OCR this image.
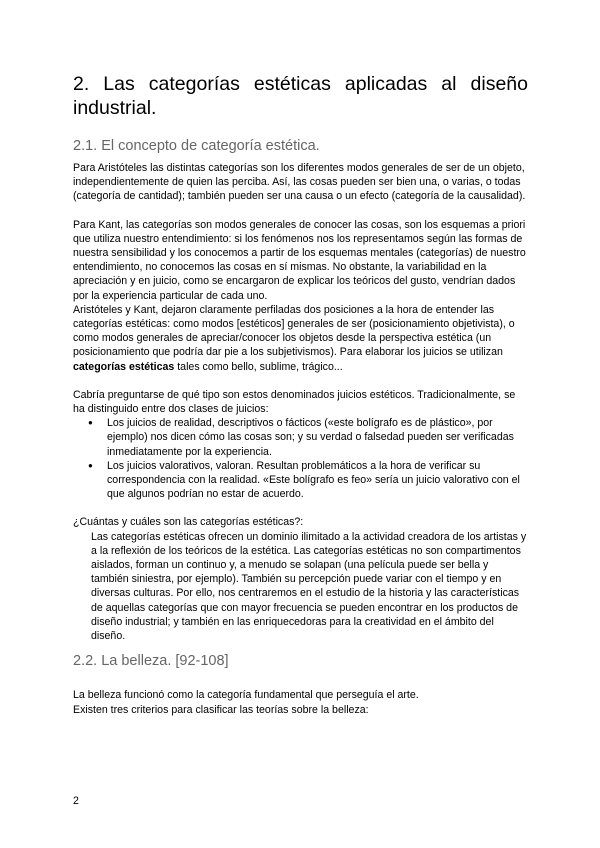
2. Las categorías estéticas aplicadas al diseño industrial.
2.1. El concepto de categoría estética.

Para Aristóteles las distintas categorías son los diferentes modos generales de ser de un objeto, independientemente de quien las perciba. Así, las cosas pueden ser bien una, o varias, o todas (categoría de cantidad); también pueden ser una causa o un efecto (categoría de la causalidad).

Para Kant, las categorías son modos generales de conocer las cosas, son los esquemas a priori que utiliza nuestro entendimiento: si los fenómenos nos los representamos según las formas de nuestra sensibilidad y los conocemos a partir de los esquemas mentales (categorías) de nuestro entendimiento, no conocemos las cosas en sí mismas. No obstante, la variabilidad en la apreciación y en juicio, como se encargaron de explicar los teóricos del gusto, vendrían dados por la experiencia particular de cada uno.

Aristóteles y Kant, dejaron claramente perfiladas dos posiciones a la hora de entender las categorías estéticas: como modos [estéticos] generales de ser (posicionamiento objetivista), o como modos generales de apreciar/conocer los objetos desde la perspectiva estética (un posicionamiento que podría dar pie a los subjetivismos). Para elaborar los juicios se utilizan categorías estéticas tales como bello, sublime, trágico...

Cabría preguntarse de qué tipo son estos denominados juicios estéticos. Tradicionalmente, se ha distinguido entre dos clases de juicios:

● Los juicios de realidad, descriptivos o fácticos («este bolígrafo es de plástico», por ejemplo) nos dicen cómo las cosas son; y su verdad o falsedad pueden ser verificadas inmediatamente por la experiencia.
● Los juicios valorativos, valoran. Resultan problemáticos a la hora de verificar su correspondencia con la realidad. «Este bolígrafo es feo» sería un juicio valorativo con el que algunos podrían no estar de acuerdo.

¿Cuántas y cuáles son las categorías estéticas?:

Las categorías estéticas ofrecen un dominio ilimitado a la actividad creadora de los artistas y a la reflexión de los teóricos de la estética. Las categorías estéticas no son compartimentos aislados, forman un continuo y, a menudo se solapan (una película puede ser bella y también siniestra, por ejemplo). También su percepción puede variar con el tiempo y en diversas culturas. Por ello, nos centraremos en el estudio de la historia y las características de aquellas categorías que con mayor frecuencia se pueden encontrar en los productos de diseño industrial; y también en las enriquecedoras para la creatividad en el ámbito del diseño.

2.2. La belleza. [92-108]

La belleza funcionó como la categoría fundamental que perseguía el arte.

Existen tres criterios para clasificar las teorías sobre la belleza:

2
